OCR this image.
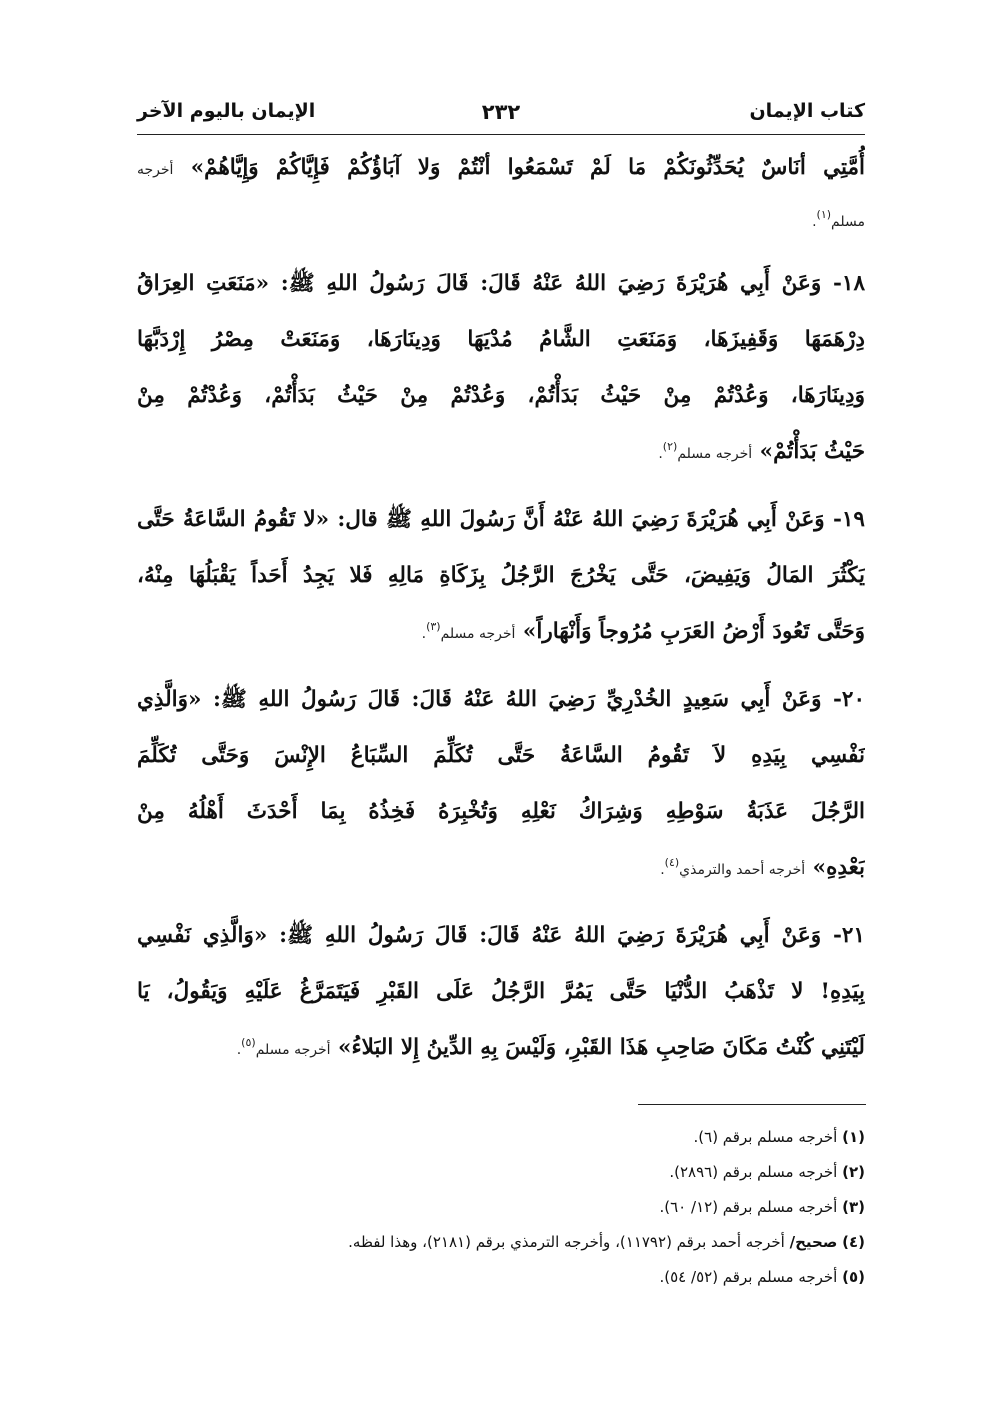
كتاب الإيمان
٢٣٢
الإيمان باليوم الآخر
أُمَّتِي أنَاسٌ يُحَدِّثُونَكُمْ مَا لَمْ تَسْمَعُوا أنْتُمْ وَلا آبَاؤُكُمْ فَإِيَّاكُمْ وَإِيَّاهُمْ» أخرجه
مسلم$^{(١)}$.
١٨- وَعَنْ أَبِي هُرَيْرَةَ رَضِيَ اللهُ عَنْهُ قَالَ: قَالَ رَسُولُ اللهِ ﷺ: «مَنَعَتِ العِرَاقُ
دِرْهَمَهَا وَقَفِيزَهَا، وَمَنَعَتِ الشَّامُ مُدْيَهَا وَدِينَارَهَا، وَمَنَعَتْ مِصْرُ إِرْدَبَّهَا
وَدِينَارَهَا، وَعُدْتُمْ مِنْ حَيْثُ بَدَأْتُمْ، وَعُدْتُمْ مِنْ حَيْثُ بَدَأْتُمْ، وَعُدْتُمْ مِنْ
حَيْثُ بَدَأْتُمْ» أخرجه مسلم$^{(٢)}$.
١٩- وَعَنْ أَبِي هُرَيْرَةَ رَضِيَ اللهُ عَنْهُ أَنَّ رَسُولَ اللهِ ﷺ قال: «لا تَقُومُ السَّاعَةُ حَتَّى
يَكْثُرَ المَالُ وَيَفِيضَ، حَتَّى يَخْرُجَ الرَّجُلُ بِزَكَاةِ مَالِهِ فَلا يَجِدُ أَحَداً يَقْبَلُهَا مِنْهُ،
وَحَتَّى تَعُودَ أَرْضُ العَرَبِ مُرُوجاً وَأَنْهَاراً» أخرجه مسلم$^{(٣)}$.
٢٠- وَعَنْ أَبِي سَعِيدٍ الخُدْرِيِّ رَضِيَ اللهُ عَنْهُ قَالَ: قَالَ رَسُولُ اللهِ ﷺ: «وَالَّذِي
نَفْسِي بِيَدِهِ لاَ تَقُومُ السَّاعَةُ حَتَّى تُكَلِّمَ السِّبَاعُ الإِنْسَ وَحَتَّى تُكَلِّمَ
الرَّجُلَ عَذَبَةُ سَوْطِهِ وَشِرَاكُ نَعْلِهِ وَتُخْبِرَهُ فَخِذُهُ بِمَا أَحْدَثَ أَهْلُهُ مِنْ
بَعْدِهِ» أخرجه أحمد والترمذي$^{(٤)}$.
٢١- وَعَنْ أَبِي هُرَيْرَةَ رَضِيَ اللهُ عَنْهُ قَالَ: قَالَ رَسُولُ اللهِ ﷺ: «وَالَّذِي نَفْسِي
بِيَدِهِ! لا تَذْهَبُ الدُّنْيَا حَتَّى يَمُرَّ الرَّجُلُ عَلَى القَبْرِ فَيَتَمَرَّغُ عَلَيْهِ وَيَقُولُ، يَا
لَيْتَنِي كُنْتُ مَكَانَ صَاحِبِ هَذَا القَبْرِ، وَلَيْسَ بِهِ الدِّينُ إِلا البَلاءُ» أخرجه مسلم$^{(٥)}$.
(١) أخرجه مسلم برقم (٦).
(٢) أخرجه مسلم برقم (٢٨٩٦).
(٣) أخرجه مسلم برقم (١٢/ ٦٠).
(٤) صحيح/ أخرجه أحمد برقم (١١٧٩٢)، وأخرجه الترمذي برقم (٢١٨١)، وهذا لفظه.
(٥) أخرجه مسلم برقم (٥٢/ ٥٤).
